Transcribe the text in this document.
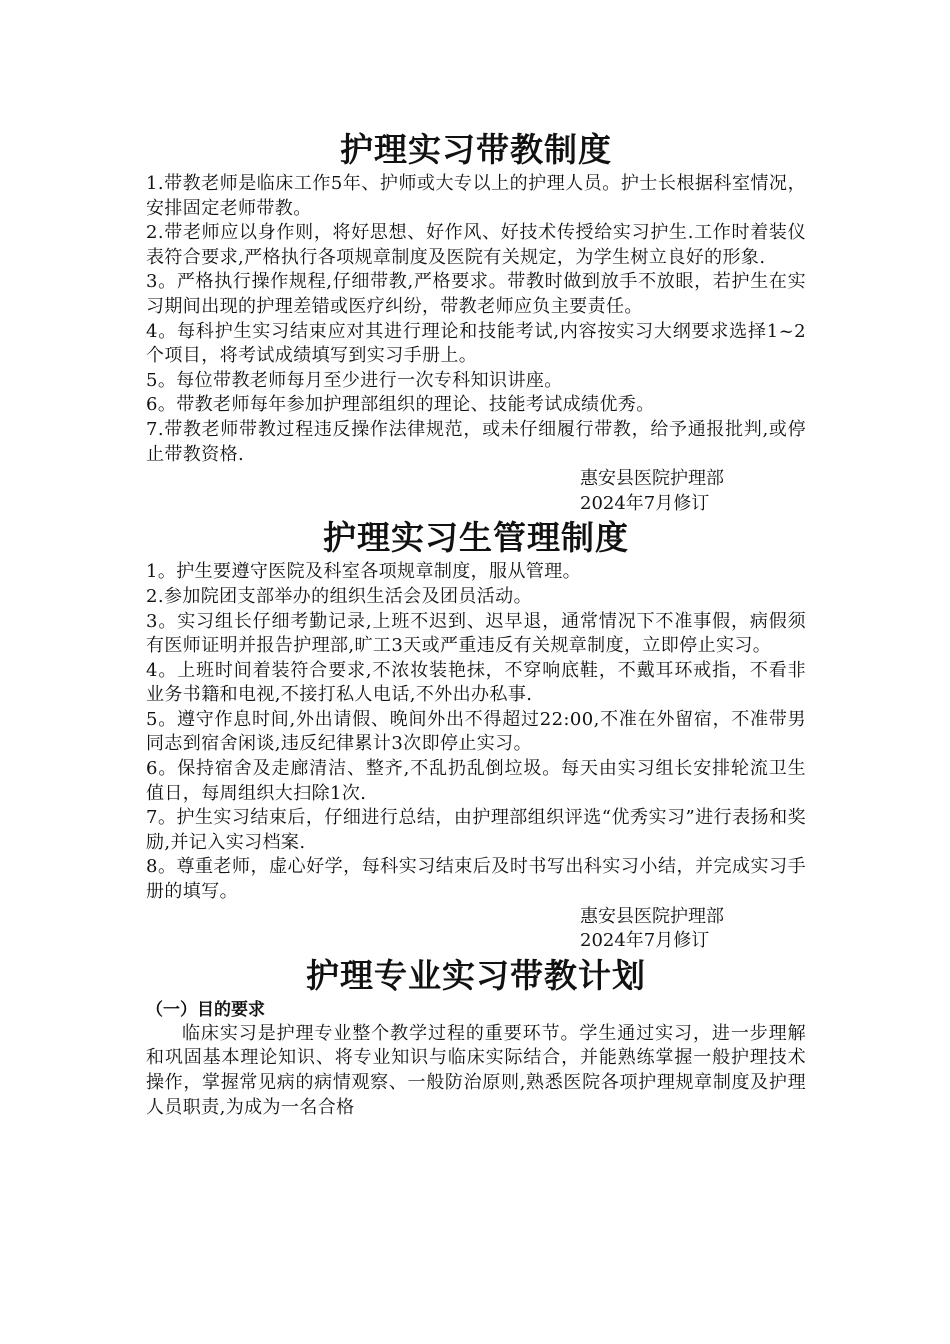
护理实习带教制度

1.带教老师是临床工作5年、护师或大专以上的护理人员。护士长根据科室情况，安排固定老师带教。

2.带老师应以身作则，将好思想、好作风、好技术传授给实习护生.工作时着装仪表符合要求,严格执行各项规章制度及医院有关规定，为学生树立良好的形象.

3。严格执行操作规程,仔细带教,严格要求。带教时做到放手不放眼，若护生在实习期间出现的护理差错或医疗纠纷，带教老师应负主要责任。

4。每科护生实习结束应对其进行理论和技能考试,内容按实习大纲要求选择1~2个项目，将考试成绩填写到实习手册上。

5。每位带教老师每月至少进行一次专科知识讲座。

6。带教老师每年参加护理部组织的理论、技能考试成绩优秀。

7.带教老师带教过程违反操作法律规范，或未仔细履行带教，给予通报批判,或停止带教资格.

惠安县医院护理部
2024年7月修订
护理实习生管理制度

1。护生要遵守医院及科室各项规章制度，服从管理。

2.参加院团支部举办的组织生活会及团员活动。

3。实习组长仔细考勤记录,上班不迟到、迟早退，通常情况下不准事假，病假须有医师证明并报告护理部,旷工3天或严重违反有关规章制度，立即停止实习。

4。上班时间着装符合要求,不浓妆装艳抹，不穿响底鞋，不戴耳环戒指，不看非业务书籍和电视,不接打私人电话,不外出办私事.

5。遵守作息时间,外出请假、晚间外出不得超过22:00,不准在外留宿，不准带男同志到宿舍闲谈,违反纪律累计3次即停止实习。

6。保持宿舍及走廊清洁、整齐,不乱扔乱倒垃圾。每天由实习组长安排轮流卫生值日，每周组织大扫除1次.

7。护生实习结束后，仔细进行总结，由护理部组织评选“优秀实习”进行表扬和奖励,并记入实习档案.

8。尊重老师，虚心好学，每科实习结束后及时书写出科实习小结，并完成实习手册的填写。

惠安县医院护理部
2024年7月修订
护理专业实习带教计划

（一）目的要求

临床实习是护理专业整个教学过程的重要环节。学生通过实习，进一步理解和巩固基本理论知识、将专业知识与临床实际结合，并能熟练掌握一般护理技术操作，掌握常见病的病情观察、一般防治原则,熟悉医院各项护理规章制度及护理人员职责,为成为一名合格
